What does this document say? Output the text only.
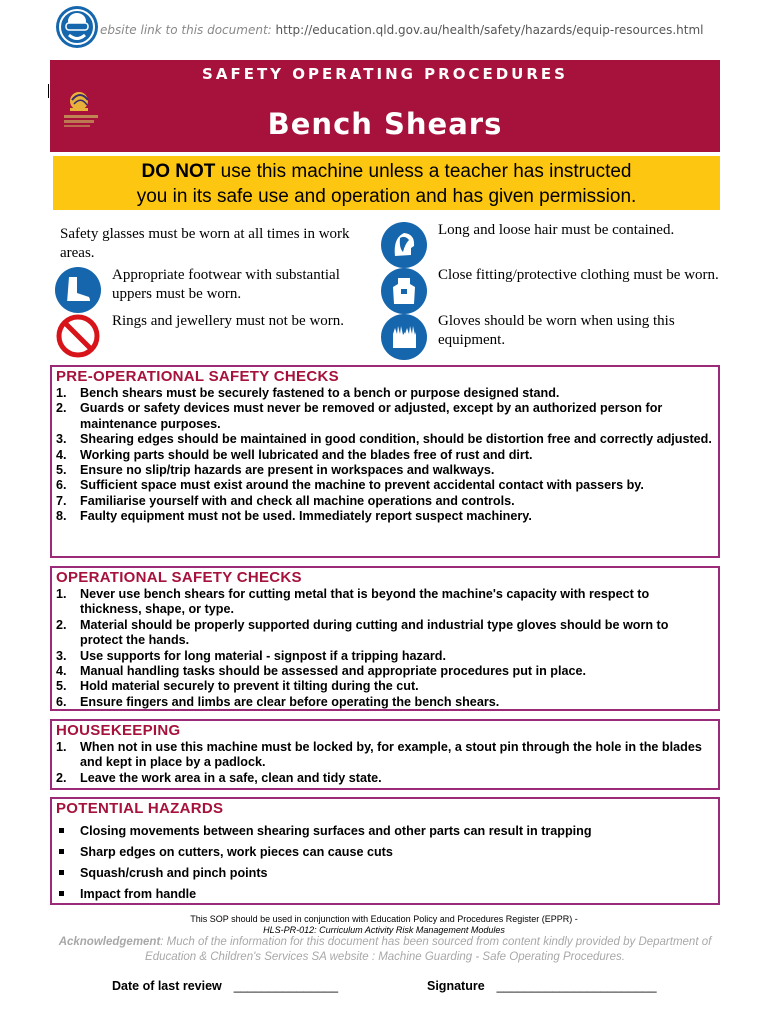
ebsite link to this document: http://education.qld.gov.au/health/safety/hazards/equip-resources.html
SAFETY OPERATING PROCEDURES
Bench Shears
DO NOT use this machine unless a teacher has instructed
you in its safe use and operation and has given permission.
Safety glasses must be worn at all times in work areas.
Appropriate footwear with substantial uppers must be worn.
Rings and jewellery must not be worn.
Long and loose hair must be contained.
Close fitting/protective clothing must be worn.
Gloves should be worn when using this equipment.
PRE-OPERATIONAL SAFETY CHECKS
1. Bench shears must be securely fastened to a bench or purpose designed stand.
2. Guards or safety devices must never be removed or adjusted, except by an authorized person for maintenance purposes.
3. Shearing edges should be maintained in good condition, should be distortion free and correctly adjusted.
4. Working parts should be well lubricated and the blades free of rust and dirt.
5. Ensure no slip/trip hazards are present in workspaces and walkways.
6. Sufficient space must exist around the machine to prevent accidental contact with passers by.
7. Familiarise yourself with and check all machine operations and controls.
8. Faulty equipment must not be used. Immediately report suspect machinery.
OPERATIONAL SAFETY CHECKS
1. Never use bench shears for cutting metal that is beyond the machine's capacity with respect to thickness, shape, or type.
2. Material should be properly supported during cutting and industrial type gloves should be worn to protect the hands.
3. Use supports for long material - signpost if a tripping hazard.
4. Manual handling tasks should be assessed and appropriate procedures put in place.
5. Hold material securely to prevent it tilting during the cut.
6. Ensure fingers and limbs are clear before operating the bench shears.
HOUSEKEEPING
1. When not in use this machine must be locked by, for example, a stout pin through the hole in the blades and kept in place by a padlock.
2. Leave the work area in a safe, clean and tidy state.
POTENTIAL HAZARDS
Closing movements between shearing surfaces and other parts can result in trapping
Sharp edges on cutters, work pieces can cause cuts
Squash/crush and pinch points
Impact from handle
This SOP should be used in conjunction with Education Policy and Procedures Register (EPPR) -
HLS-PR-012: Curriculum Activity Risk Management Modules
Acknowledgement: Much of the information for this document has been sourced from content kindly provided by Department of Education & Children's Services SA website : Machine Guarding - Safe Operating Procedures.
Date of last review _______________	Signature _______________________
